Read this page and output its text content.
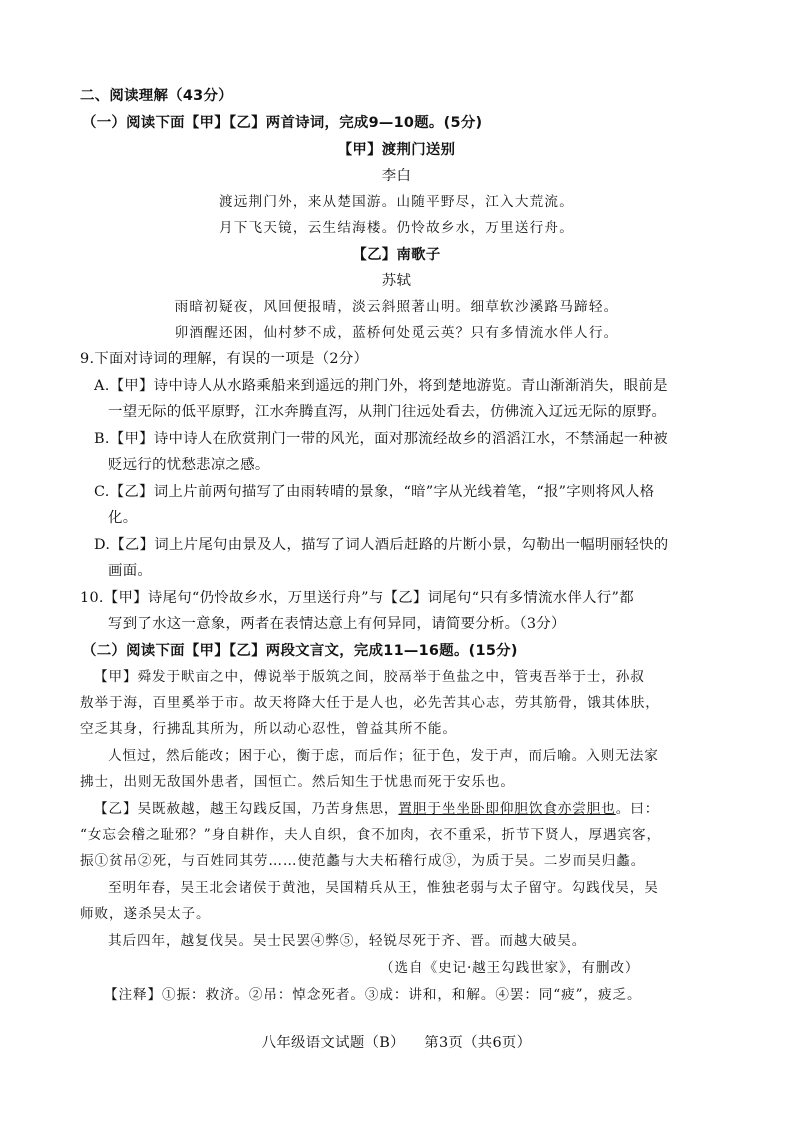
二、阅读理解（43分）
（一）阅读下面【甲】【乙】两首诗词，完成9—10题。(5分)
【甲】渡荆门送别
李白
渡远荆门外，来从楚国游。山随平野尽，江入大荒流。
月下飞天镜，云生结海楼。仍怜故乡水，万里送行舟。
【乙】南歌子
苏轼
雨暗初疑夜，风回便报晴，淡云斜照著山明。细草软沙溪路马蹄轻。
卯酒醒还困，仙村梦不成，蓝桥何处觅云英？只有多情流水伴人行。
9.下面对诗词的理解，有误的一项是（2分）
A.【甲】诗中诗人从水路乘船来到遥远的荆门外，将到楚地游览。青山渐渐消失，眼前是
一望无际的低平原野，江水奔腾直泻，从荆门往远处看去，仿佛流入辽远无际的原野。
B.【甲】诗中诗人在欣赏荆门一带的风光，面对那流经故乡的滔滔江水，不禁涌起一种被
贬远行的忧愁悲凉之感。
C.【乙】词上片前两句描写了由雨转晴的景象，“暗”字从光线着笔，“报”字则将风人格
化。
D.【乙】词上片尾句由景及人，描写了词人酒后赶路的片断小景，勾勒出一幅明丽轻快的
画面。
10.【甲】诗尾句“仍怜故乡水，万里送行舟”与【乙】词尾句“只有多情流水伴人行”都
写到了水这一意象，两者在表情达意上有何异同，请简要分析。（3分）
（二）阅读下面【甲】【乙】两段文言文，完成11—16题。(15分)
【甲】舜发于畎亩之中，傅说举于版筑之间，胶鬲举于鱼盐之中，管夷吾举于士，孙叔
敖举于海，百里奚举于市。故天将降大任于是人也，必先苦其心志，劳其筋骨，饿其体肤，
空乏其身，行拂乱其所为，所以动心忍性，曾益其所不能。
人恒过，然后能改；困于心，衡于虑，而后作；征于色，发于声，而后喻。入则无法家
拂士，出则无敌国外患者，国恒亡。然后知生于忧患而死于安乐也。
【乙】吴既赦越，越王勾践反国，乃苦身焦思，置胆于坐坐卧即仰胆饮食亦尝胆也。曰：
“女忘会稽之耻邪？”身自耕作，夫人自织，食不加肉，衣不重采，折节下贤人，厚遇宾客，
振①贫吊②死，与百姓同其劳……使范蠡与大夫柘稽行成③，为质于吴。二岁而吴归蠡。
至明年春，吴王北会诸侯于黄池，吴国精兵从王，惟独老弱与太子留守。勾践伐吴，吴
师败，遂杀吴太子。
其后四年，越复伐吴。吴士民罢④弊⑤，轻锐尽死于齐、晋。而越大破吴。
（选自《史记·越王勾践世家》，有删改）
【注释】①振：救济。②吊：悼念死者。③成：讲和，和解。④罢：同“疲”，疲乏。
八年级语文试题（B）    第3页（共6页）
